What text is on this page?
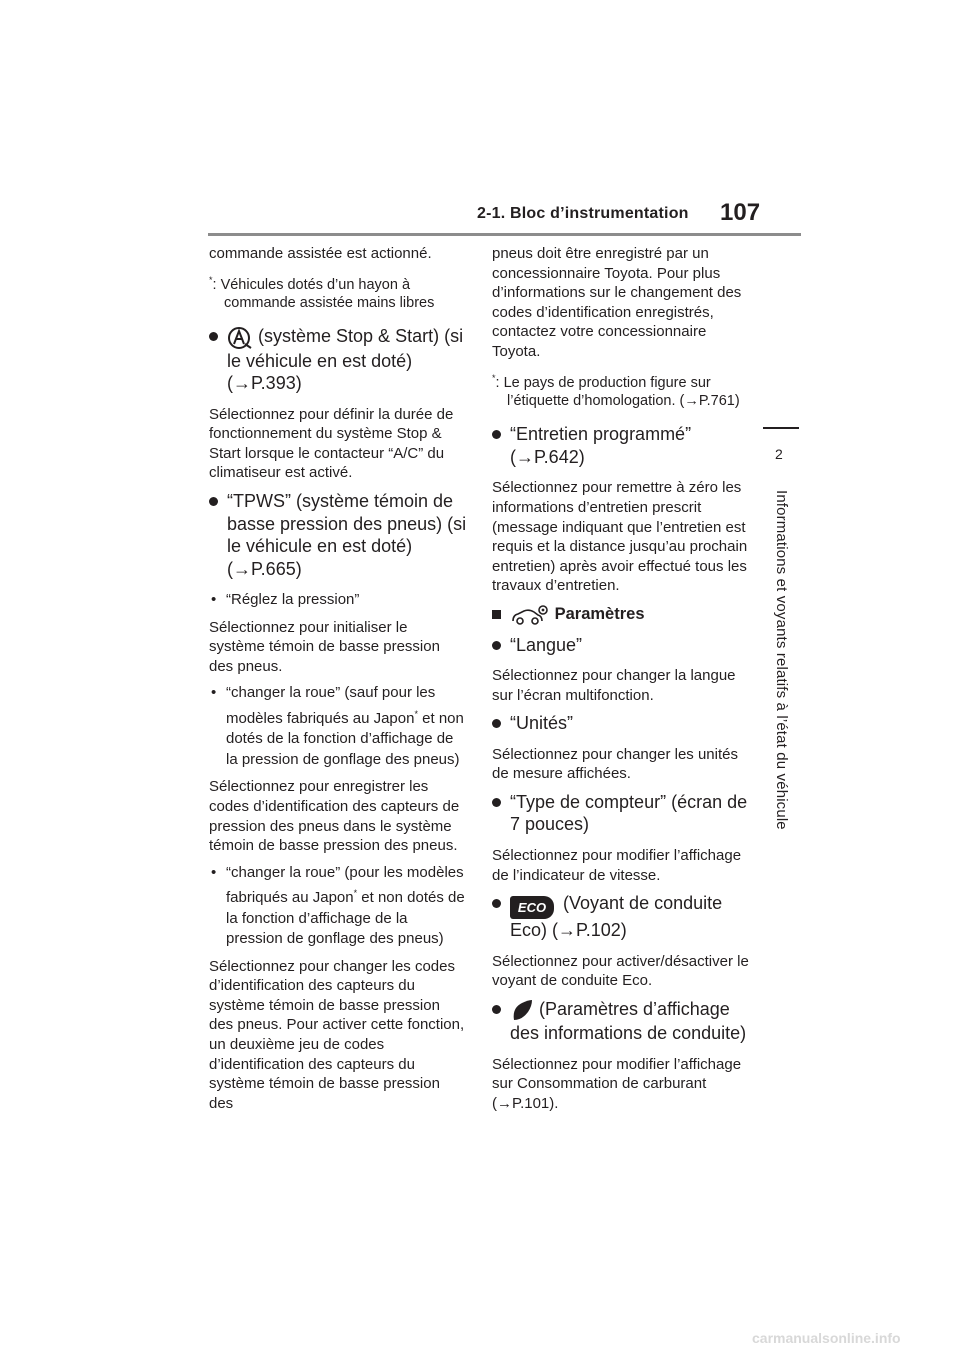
2-1. Bloc d’instrumentation 107
2
Informations et voyants relatifs à l’état du véhicule

commande assistée est actionné.

*: Véhicules dotés d’un hayon à commande assistée mains libres

(système Stop & Start) (si le véhicule en est doté) (→P.393)

Sélectionnez pour définir la durée de fonctionnement du système Stop & Start lorsque le contacteur “A/C” du climatiseur est activé.

“TPWS” (système témoin de basse pression des pneus) (si le véhicule en est doté) (→P.665)
• “Réglez la pression”

Sélectionnez pour initialiser le système témoin de basse pression des pneus.

• “changer la roue” (sauf pour les modèles fabriqués au Japon* et non dotés de la fonction d’affichage de la pression de gonflage des pneus)

Sélectionnez pour enregistrer les codes d’identification des capteurs de pression des pneus dans le système témoin de basse pression des pneus.

• “changer la roue” (pour les modèles fabriqués au Japon* et non dotés de la fonction d’affichage de la pression de gonflage des pneus)

Sélectionnez pour changer les codes d’identification des capteurs du système témoin de basse pression des pneus. Pour activer cette fonction, un deuxième jeu de codes d’identification des capteurs du système témoin de basse pression des

pneus doit être enregistré par un concessionnaire Toyota. Pour plus d’informations sur le changement des codes d’identification enregistrés, contactez votre concessionnaire Toyota.

*: Le pays de production figure sur l’étiquette d’homologation. (→P.761)

“Entretien programmé” (→P.642)

Sélectionnez pour remettre à zéro les informations d’entretien prescrit (message indiquant que l’entretien est requis et la distance jusqu’au prochain entretien) après avoir effectué tous les travaux d’entretien.

Paramètres
“Langue”

Sélectionnez pour changer la langue sur l’écran multifonction.

“Unités”

Sélectionnez pour changer les unités de mesure affichées.

“Type de compteur” (écran de 7 pouces)

Sélectionnez pour modifier l’affichage de l’indicateur de vitesse.

ECO (Voyant de conduite Eco) (→P.102)

Sélectionnez pour activer/désactiver le voyant de conduite Eco.

(Paramètres d’affichage des informations de conduite)

Sélectionnez pour modifier l’affichage sur Consommation de carburant (→P.101).

carmanualsonline.info
